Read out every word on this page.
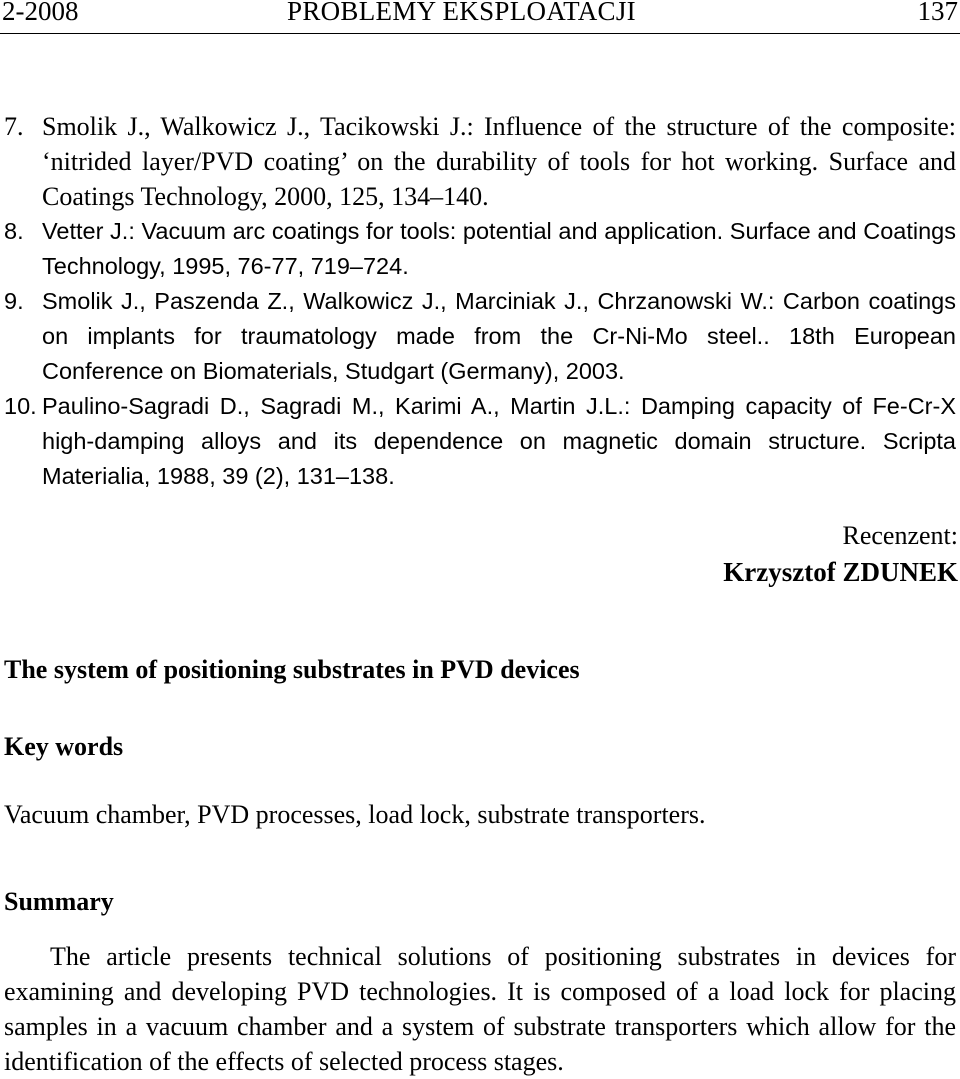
2-2008	PROBLEMY EKSPLOATACJI	137
7. Smolik J., Walkowicz J., Tacikowski J.: Influence of the structure of the composite: ‘nitrided layer/PVD coating’ on the durability of tools for hot working. Surface and Coatings Technology, 2000, 125, 134–140.
8. Vetter J.: Vacuum arc coatings for tools: potential and application. Surface and Coatings Technology, 1995, 76-77, 719–724.
9. Smolik J., Paszenda Z., Walkowicz J., Marciniak J., Chrzanowski W.: Carbon coatings on implants for traumatology made from the Cr-Ni-Mo steel.. 18th European Conference on Biomaterials, Studgart (Germany), 2003.
10. Paulino-Sagradi D., Sagradi M., Karimi A., Martin J.L.: Damping capacity of Fe-Cr-X high-damping alloys and its dependence on magnetic domain structure. Scripta Materialia, 1988, 39 (2), 131–138.
Recenzent:
Krzysztof ZDUNEK
The system of positioning substrates in PVD devices
Key words
Vacuum chamber, PVD processes, load lock, substrate transporters.
Summary
The article presents technical solutions of positioning substrates in devices for examining and developing PVD technologies. It is composed of a load lock for placing samples in a vacuum chamber and a system of substrate transporters which allow for the identification of the effects of selected process stages.
